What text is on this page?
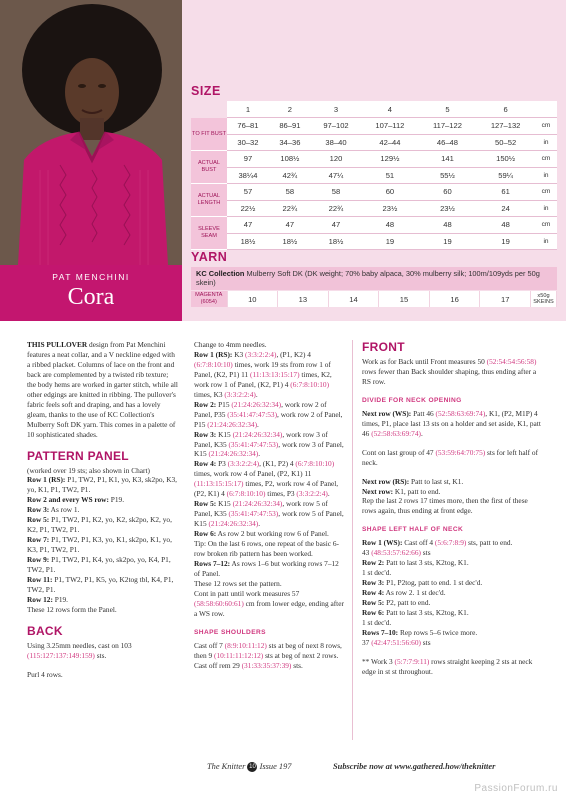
PAT MENCHINI
Cora
SIZE
	1	2	3	4	5	6	
TO FIT BUST	76–81	86–91	97–102	107–112	117–122	127–132	cm
	30–32	34–36	38–40	42–44	46–48	50–52	in
ACTUAL BUST	97	108½	120	129½	141	150½	cm
	38¼4	42¾	47¼	51	55½	59¼	in
ACTUAL LENGTH	57	58	58	60	60	61	cm
	22½	22¾	22¾	23½	23½	24	in
SLEEVE SEAM	47	47	47	48	48	48	cm
	18½	18½	18½	19	19	19	in
YARN
KC Collection Mulberry Soft DK (DK weight; 70% baby alpaca, 30% mulberry silk; 100m/109yds per 50g skein)
MAGENTA (6054)	10	13	14	15	16	17	x50g SKEINS

THIS PULLOVER design from Pat Menchini features a neat collar, and a V neckline edged with a ribbed placket. Columns of lace on the front and back are complemented by a twisted rib texture; the body hems are worked in garter stitch, while all other edgings are knitted in ribbing. The pullover's fabric feels soft and draping, and has a lovely gleam, thanks to the use of KC Collection's Mulberry Soft DK yarn. This comes in a palette of 10 sophisticated shades.

PATTERN PANEL

(worked over 19 sts; also shown in Chart)

Row 1 (RS): P1, TW2, P1, K1, yo, K3, sk2po, K3, yo, K1, P1, TW2, P1.

Row 2 and every WS row: P19.

Row 3: As row 1.

Row 5: P1, TW2, P1, K2, yo, K2, sk2po, K2, yo, K2, P1, TW2, P1.

Row 7: P1, TW2, P1, K3, yo, K1, sk2po, K1, yo, K3, P1, TW2, P1.

Row 9: P1, TW2, P1, K4, yo, sk2po, yo, K4, P1, TW2, P1.

Row 11: P1, TW2, P1, K5, yo, K2tog tbl, K4, P1, TW2, P1.

Row 12: P19.

These 12 rows form the Panel.

BACK

Using 3.25mm needles, cast on 103 (115:127:137:149:159) sts.

Purl 4 rows.

Change to 4mm needles.

Row 1 (RS): K3 (3:3:2:2:4), (P1, K2) 4 (6:7:8:10:10) times, work 19 sts from row 1 of Panel, (K2, P1) 11 (11:13:13:15:17) times, K2, work row 1 of Panel, (K2, P1) 4 (6:7:8:10:10) times, K3 (3:3:2:2:4).

Row 2: P15 (21:24:26:32:34), work row 2 of Panel, P35 (35:41:47:47:53), work row 2 of Panel, P15 (21:24:26:32:34).

Row 3: K15 (21:24:26:32:34), work row 3 of Panel, K35 (35:41:47:47:53), work row 3 of Panel, K15 (21:24:26:32:34).

Row 4: P3 (3:3:2:2:4), (K1, P2) 4 (6:7:8:10:10) times, work row 4 of Panel, (P2, K1) 11 (11:13:15:15:17) times, P2, work row 4 of Panel, (P2, K1) 4 (6:7:8:10:10) times, P3 (3:3:2:2:4).

Row 5: K15 (21:24:26:32:34), work row 5 of Panel, K35 (35:41:47:47:53), work row 5 of Panel, K15 (21:24:26:32:34).

Row 6: As row 2 but working row 6 of Panel.

Tip: On the last 6 rows, one repeat of the basic 6-row broken rib pattern has been worked.

Rows 7–12: As rows 1–6 but working rows 7–12 of Panel.

These 12 rows set the pattern.

Cont in patt until work measures 57 (58:58:60:60:61) cm from lower edge, ending after a WS row.

SHAPE SHOULDERS

Cast off 7 (8:9:10:11:12) sts at beg of next 8 rows, then 9 (10:11:11:12:12) sts at beg of next 2 rows.

Cast off rem 29 (31:33:35:37:39) sts.

FRONT

Work as for Back until Front measures 50 (52:54:54:56:58) rows fewer than Back shoulder shaping, thus ending after a RS row.

DIVIDE FOR NECK OPENING

Next row (WS): Patt 46 (52:58:63:69:74), K1, (P2, M1P) 4 times, P1, place last 13 sts on a holder and set aside, K1, patt 46 (52:58:63:69:74).

Cont on last group of 47 (53:59:64:70:75) sts for left half of neck.

Next row (RS): Patt to last st, K1.

Next row: K1, patt to end.

Rep the last 2 rows 17 times more, then the first of these rows again, thus ending at front edge.

SHAPE LEFT HALF OF NECK

Row 1 (WS): Cast off 4 (5:6:7:8:9) sts, patt to end.

43 (48:53:57:62:66) sts

Row 2: Patt to last 3 sts, K2tog, K1.

1 st dec'd.

Row 3: P1, P2tog, patt to end. 1 st dec'd.

Row 4: As row 2. 1 st dec'd.

Row 5: P2, patt to end.

Row 6: Patt to last 3 sts, K2tog, K1.

1 st dec'd.

Rows 7–10: Rep rows 5–6 twice more.

37 (42:47:51:56:60) sts

** Work 3 (5:7:7:9:11) rows straight keeping 2 sts at neck edge in st st throughout.

The Knitter 10 Issue 197	Subscribe now at www.gathered.how/theknitter
PassionForum.ru
